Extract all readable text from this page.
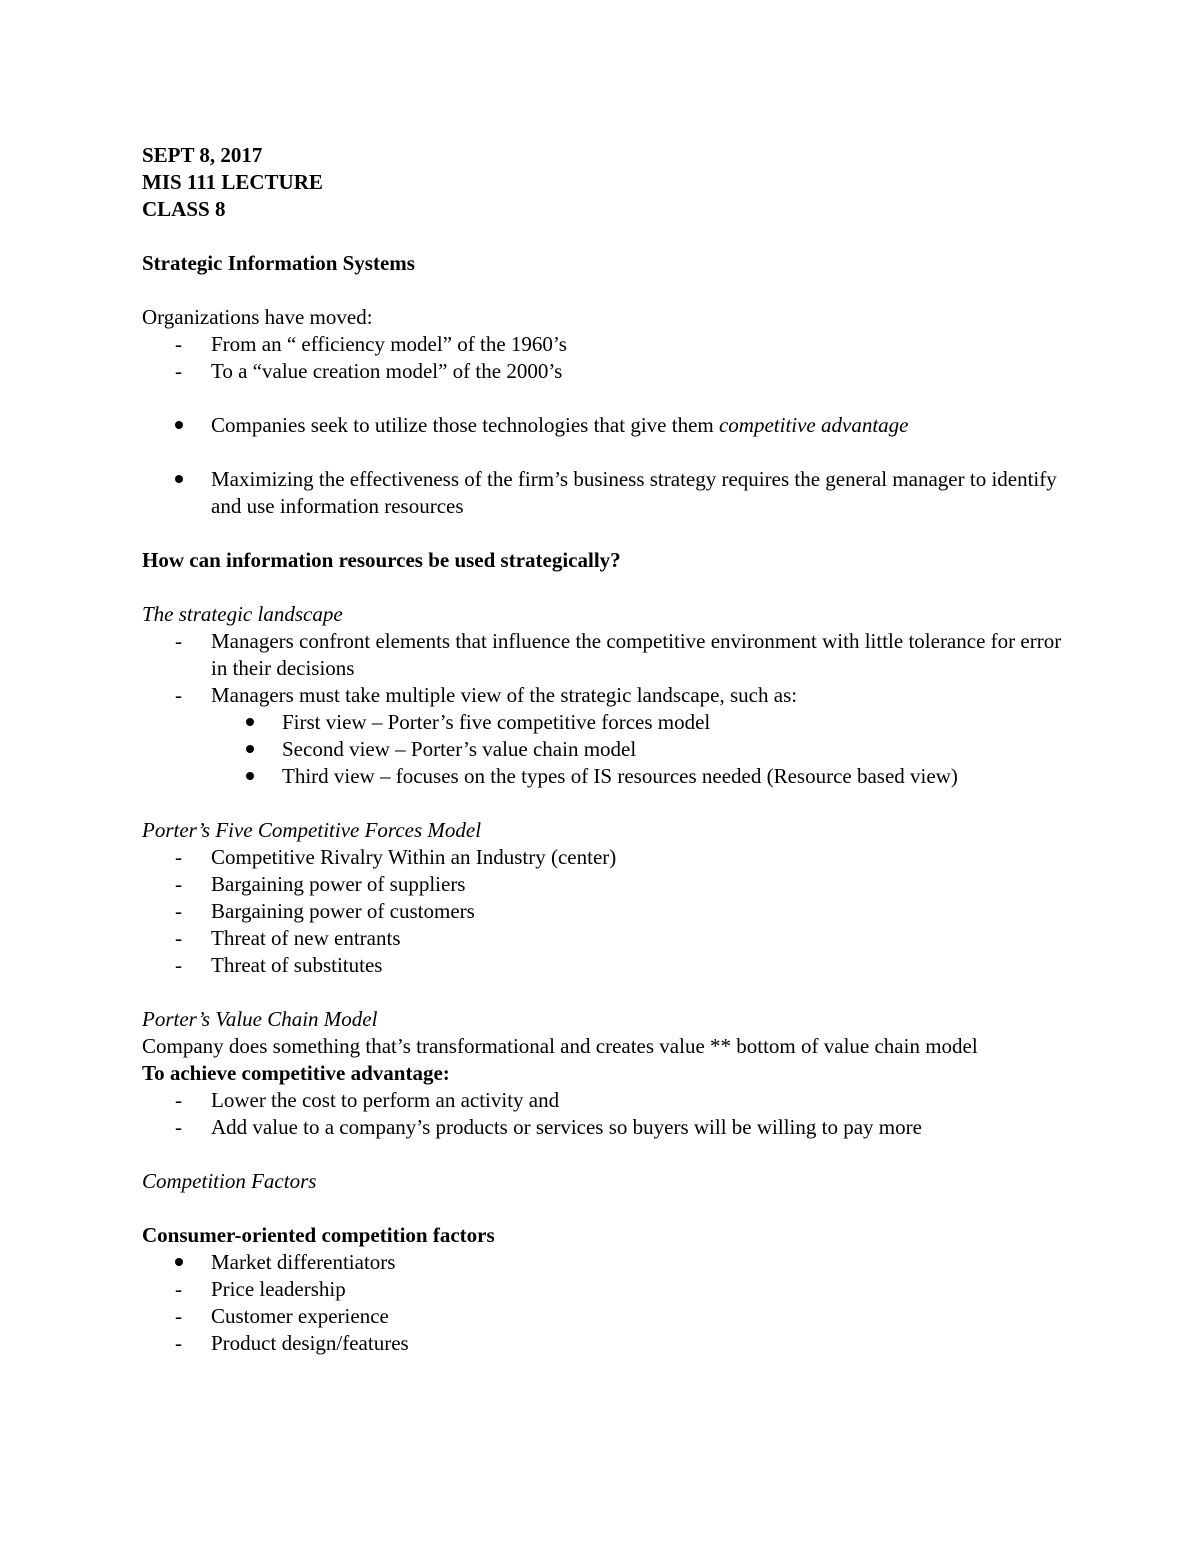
SEPT 8, 2017
MIS 111 LECTURE
CLASS 8
Strategic Information Systems
Organizations have moved:
-	From an “ efficiency model” of the 1960’s
-	To a “value creation model” of the 2000’s
Companies seek to utilize those technologies that give them competitive advantage
Maximizing the effectiveness of the firm’s business strategy requires the general manager to identify and use information resources
How can information resources be used strategically?
The strategic landscape
-	Managers confront elements that influence the competitive environment with little tolerance for error in their decisions
-	Managers must take multiple view of the strategic landscape, such as:
First view – Porter’s five competitive forces model
Second view – Porter’s value chain model
Third view – focuses on the types of IS resources needed (Resource based view)
Porter’s Five Competitive Forces Model
-	Competitive Rivalry Within an Industry (center)
-	Bargaining power of suppliers
-	Bargaining power of customers
-	Threat of new entrants
-	Threat of substitutes
Porter’s Value Chain Model
Company does something that’s transformational and creates value ** bottom of value chain model
To achieve competitive advantage:
-	Lower the cost to perform an activity and
-	Add value to a company’s products or services so buyers will be willing to pay more
Competition Factors
Consumer-oriented competition factors
Market differentiators
-	Price leadership
-	Customer experience
-	Product design/features
